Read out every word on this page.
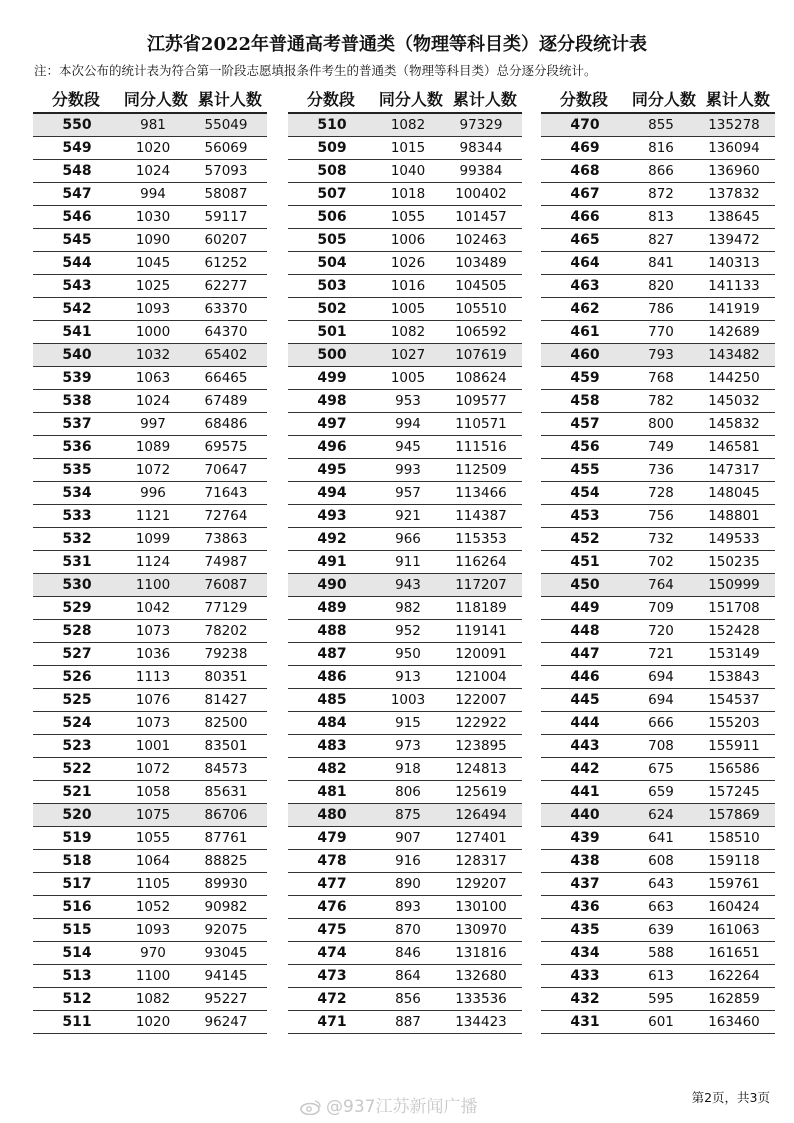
江苏省2022年普通高考普通类（物理等科目类）逐分段统计表
注：本次公布的统计表为符合第一阶段志愿填报条件考生的普通类（物理等科目类）总分逐分段统计。
分数段	同分人数 累计人数
550	981	55049
549	1020	56069
548	1024	57093
547	994	58087
546	1030	59117
545	1090	60207
544	1045	61252
543	1025	62277
542	1093	63370
541	1000	64370
540	1032	65402
539	1063	66465
538	1024	67489
537	997	68486
536	1089	69575
535	1072	70647
534	996	71643
533	1121	72764
532	1099	73863
531	1124	74987
530	1100	76087
529	1042	77129
528	1073	78202
527	1036	79238
526	1113	80351
525	1076	81427
524	1073	82500
523	1001	83501
522	1072	84573
521	1058	85631
520	1075	86706
519	1055	87761
518	1064	88825
517	1105	89930
516	1052	90982
515	1093	92075
514	970	93045
513	1100	94145
512	1082	95227
511	1020	96247
分数段	同分人数 累计人数
510	1082	97329
509	1015	98344
508	1040	99384
507	1018	100402
506	1055	101457
505	1006	102463
504	1026	103489
503	1016	104505
502	1005	105510
501	1082	106592
500	1027	107619
499	1005	108624
498	953	109577
497	994	110571
496	945	111516
495	993	112509
494	957	113466
493	921	114387
492	966	115353
491	911	116264
490	943	117207
489	982	118189
488	952	119141
487	950	120091
486	913	121004
485	1003	122007
484	915	122922
483	973	123895
482	918	124813
481	806	125619
480	875	126494
479	907	127401
478	916	128317
477	890	129207
476	893	130100
475	870	130970
474	846	131816
473	864	132680
472	856	133536
471	887	134423
分数段	同分人数 累计人数
470	855	135278
469	816	136094
468	866	136960
467	872	137832
466	813	138645
465	827	139472
464	841	140313
463	820	141133
462	786	141919
461	770	142689
460	793	143482
459	768	144250
458	782	145032
457	800	145832
456	749	146581
455	736	147317
454	728	148045
453	756	148801
452	732	149533
451	702	150235
450	764	150999
449	709	151708
448	720	152428
447	721	153149
446	694	153843
445	694	154537
444	666	155203
443	708	155911
442	675	156586
441	659	157245
440	624	157869
439	641	158510
438	608	159118
437	643	159761
436	663	160424
435	639	161063
434	588	161651
433	613	162264
432	595	162859
431	601	163460
@937江苏新闻广播	第2页，共3页
